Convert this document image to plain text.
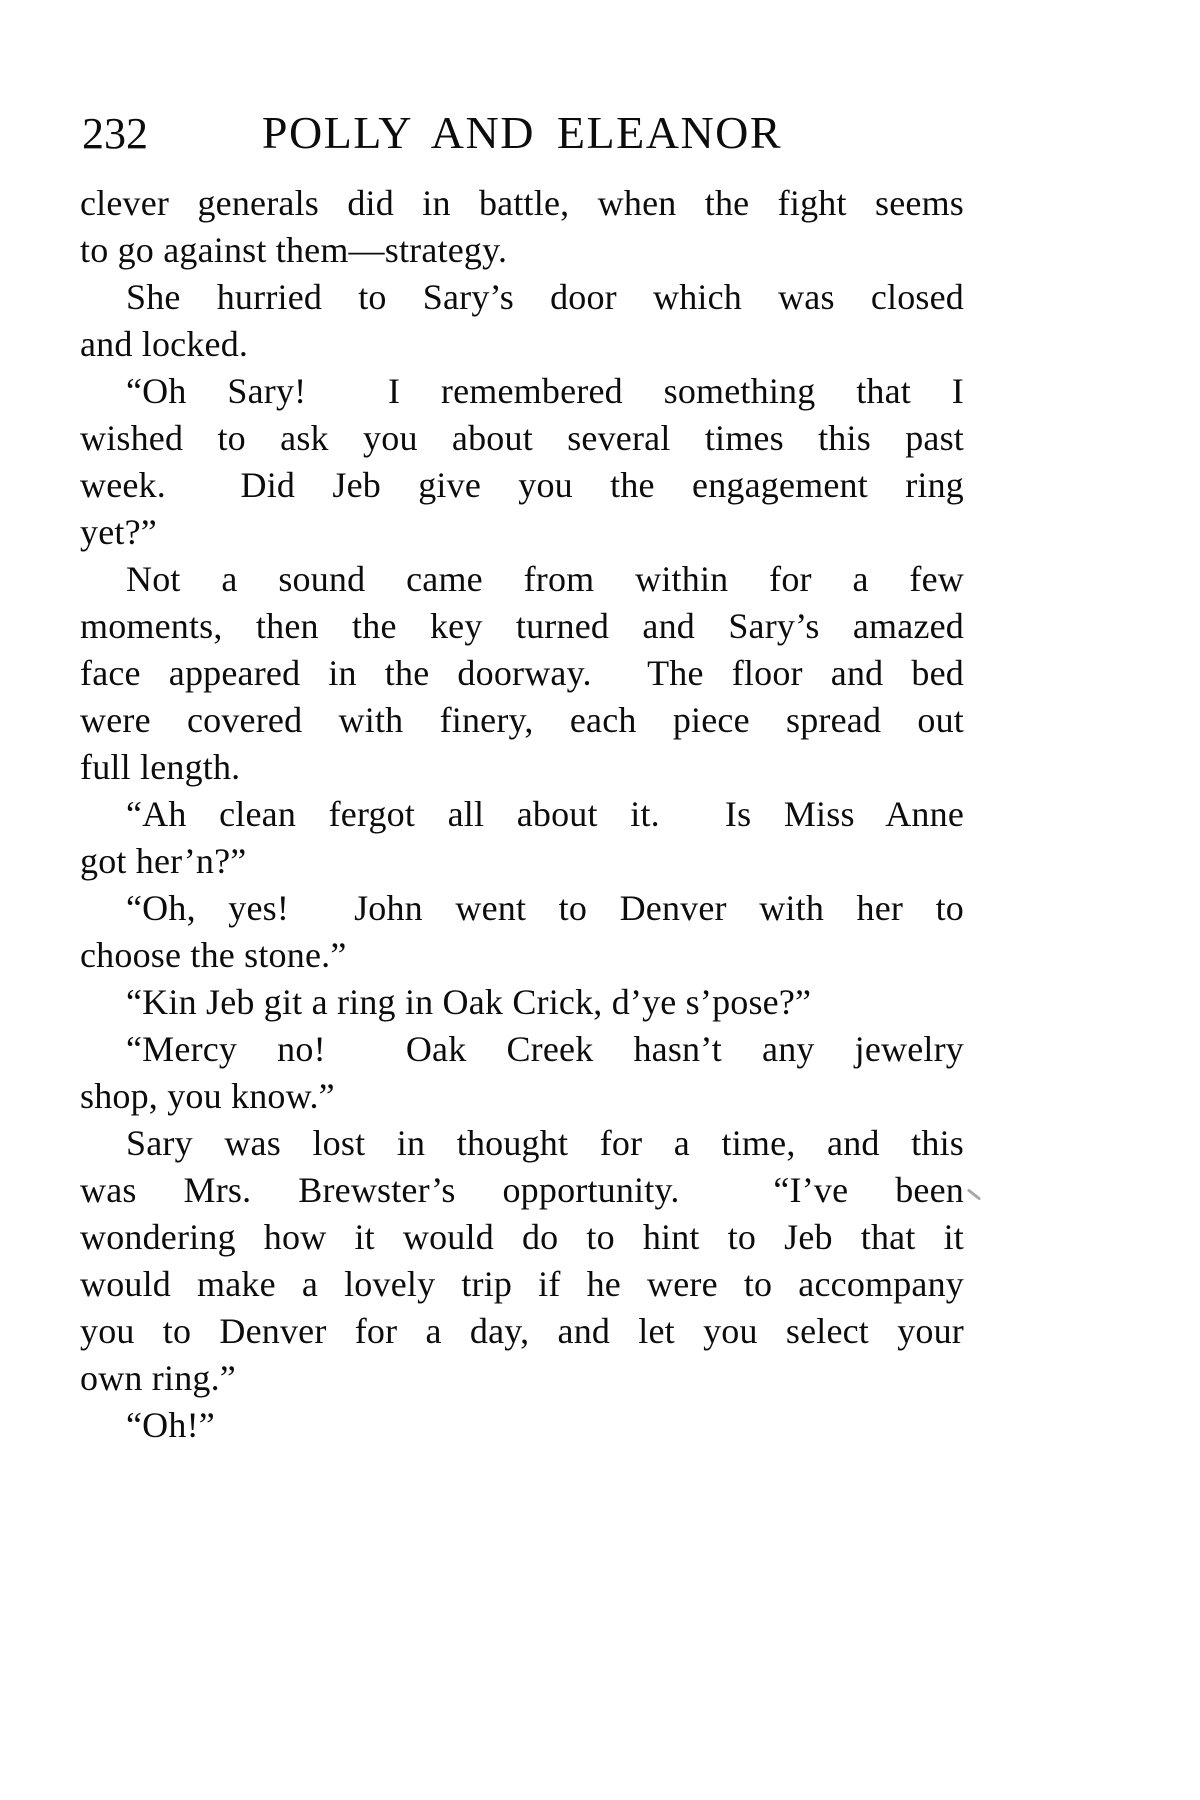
232	POLLY AND ELEANOR
clever generals did in battle, when the fight seems
to go against them—strategy.
She hurried to Sary’s door which was closed
and locked.
“Oh Sary!  I remembered something that I
wished to ask you about several times this past
week.  Did Jeb give you the engagement ring
yet?”
Not a sound came from within for a few
moments, then the key turned and Sary’s amazed
face appeared in the doorway.  The floor and bed
were covered with finery, each piece spread out
full length.
“Ah clean fergot all about it.  Is Miss Anne
got her’n?”
“Oh, yes!  John went to Denver with her to
choose the stone.”
“Kin Jeb git a ring in Oak Crick, d’ye s’pose?”
“Mercy no!  Oak Creek hasn’t any jewelry
shop, you know.”
Sary was lost in thought for a time, and this
was Mrs. Brewster’s opportunity.  “I’ve been
wondering how it would do to hint to Jeb that it
would make a lovely trip if he were to accompany
you to Denver for a day, and let you select your
own ring.”
“Oh!”
